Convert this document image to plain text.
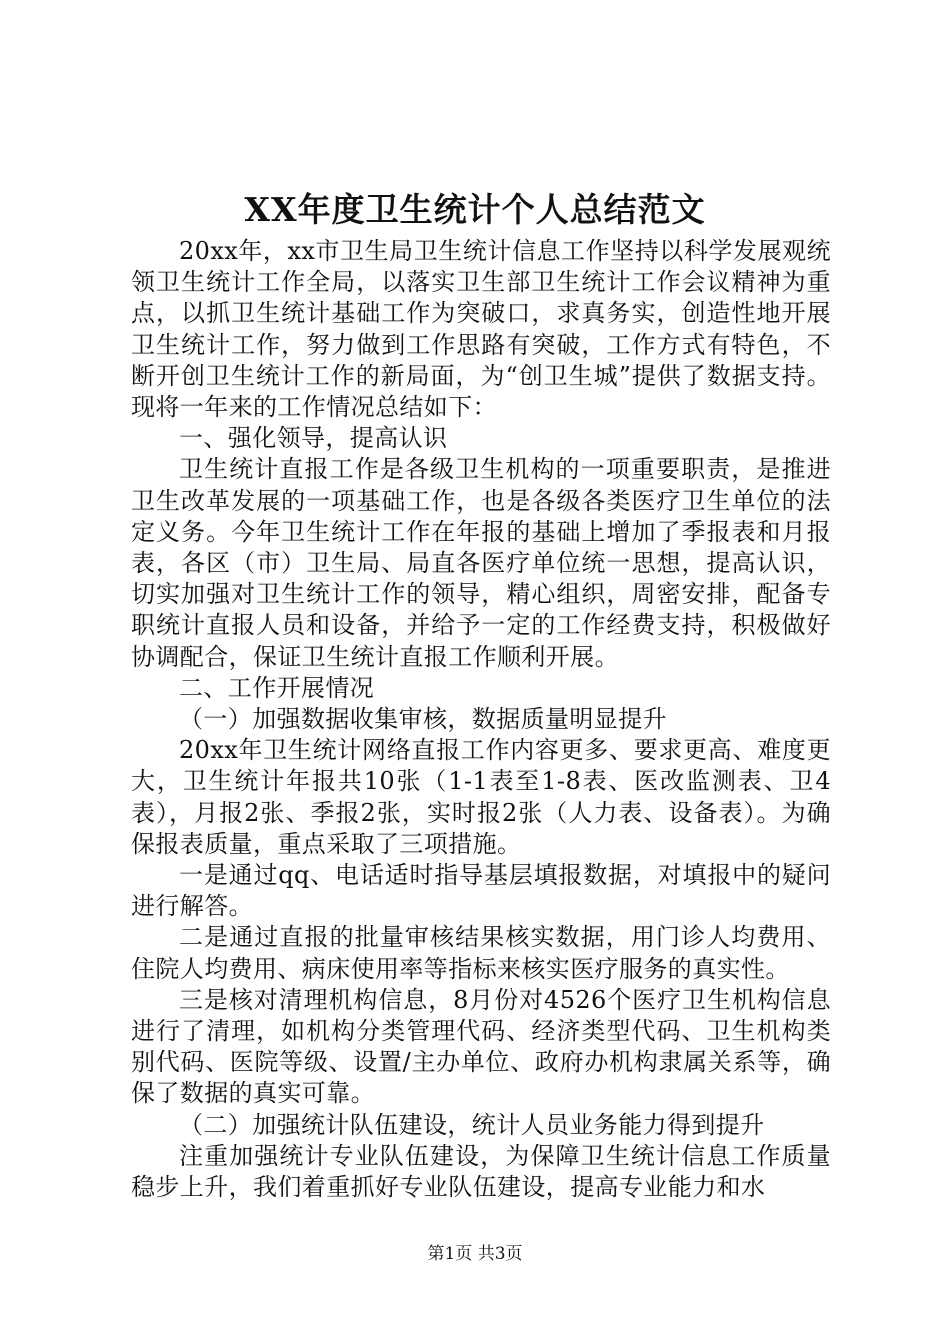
XX年度卫生统计个人总结范文

20xx年，xx市卫生局卫生统计信息工作坚持以科学发展观统领卫生统计工作全局，以落实卫生部卫生统计工作会议精神为重点，以抓卫生统计基础工作为突破口，求真务实，创造性地开展卫生统计工作，努力做到工作思路有突破，工作方式有特色，不断开创卫生统计工作的新局面，为“创卫生城”提供了数据支持。现将一年来的工作情况总结如下：

一、强化领导，提高认识

卫生统计直报工作是各级卫生机构的一项重要职责，是推进卫生改革发展的一项基础工作，也是各级各类医疗卫生单位的法定义务。今年卫生统计工作在年报的基础上增加了季报表和月报表，各区（市）卫生局、局直各医疗单位统一思想，提高认识，切实加强对卫生统计工作的领导，精心组织，周密安排，配备专职统计直报人员和设备，并给予一定的工作经费支持，积极做好协调配合，保证卫生统计直报工作顺利开展。

二、工作开展情况

（一）加强数据收集审核，数据质量明显提升

20xx年卫生统计网络直报工作内容更多、要求更高、难度更大，卫生统计年报共10张（1-1表至1-8表、医改监测表、卫4表），月报2张、季报2张，实时报2张（人力表、设备表）。为确保报表质量，重点采取了三项措施。

一是通过qq、电话适时指导基层填报数据，对填报中的疑问进行解答。

二是通过直报的批量审核结果核实数据，用门诊人均费用、住院人均费用、病床使用率等指标来核实医疗服务的真实性。

三是核对清理机构信息，8月份对4526个医疗卫生机构信息进行了清理，如机构分类管理代码、经济类型代码、卫生机构类别代码、医院等级、设置/主办单位、政府办机构隶属关系等，确保了数据的真实可靠。

（二）加强统计队伍建设，统计人员业务能力得到提升

注重加强统计专业队伍建设，为保障卫生统计信息工作质量稳步上升，我们着重抓好专业队伍建设，提高专业能力和水

第1页 共3页
